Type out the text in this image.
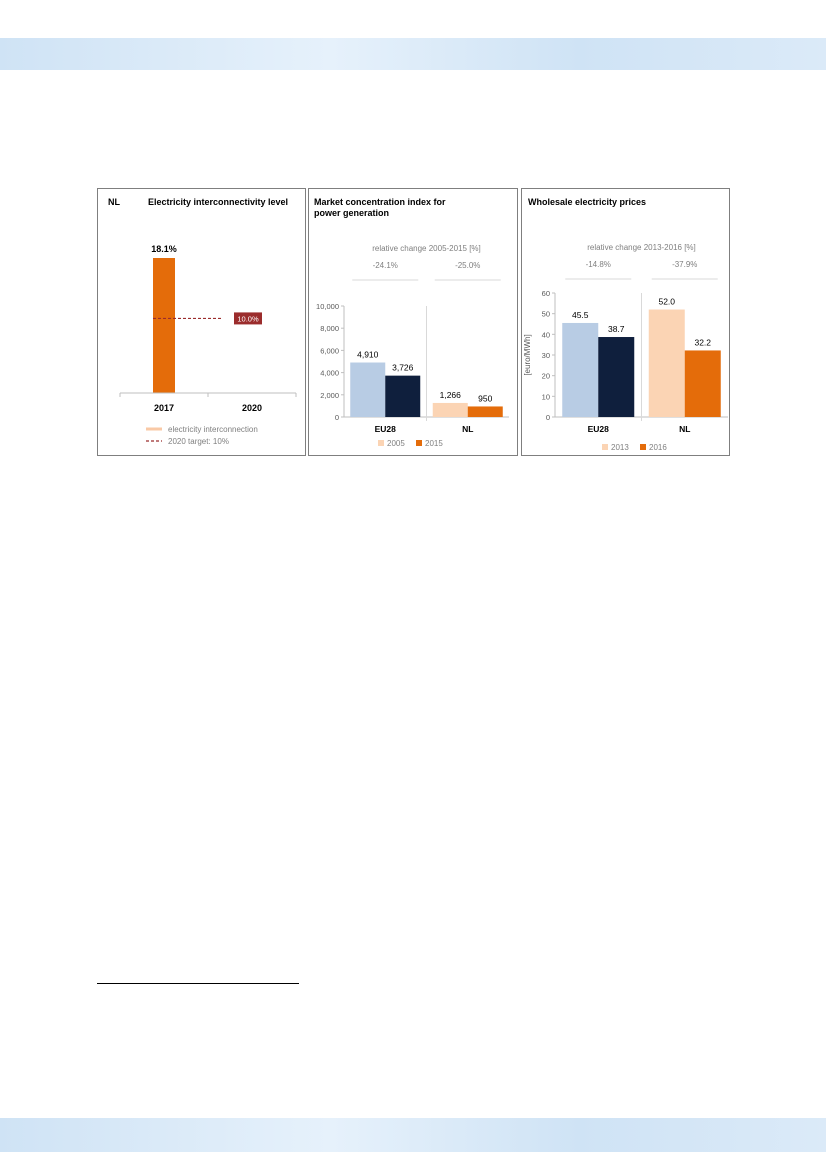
NL	Electricity interconnectivity level
18.1%
10.0%
2017	2020
electricity interconnection
2020 target: 10%
Market concentration index for power generation
relative change 2005-2015 [%]
-24.1%	-25.0%
0
2,000
4,000
6,000
8,000
10,000
4,910
3,726
EU28
1,266 950
NL
2005	2015
Wholesale electricity prices
relative change 2013-2016 [%]
-14.8%	-37.9%
0
10
20
30
40
50
60
[euro/MWh]
45.5
38.7
EU28
52.0
32.2
NL
2013	2016
